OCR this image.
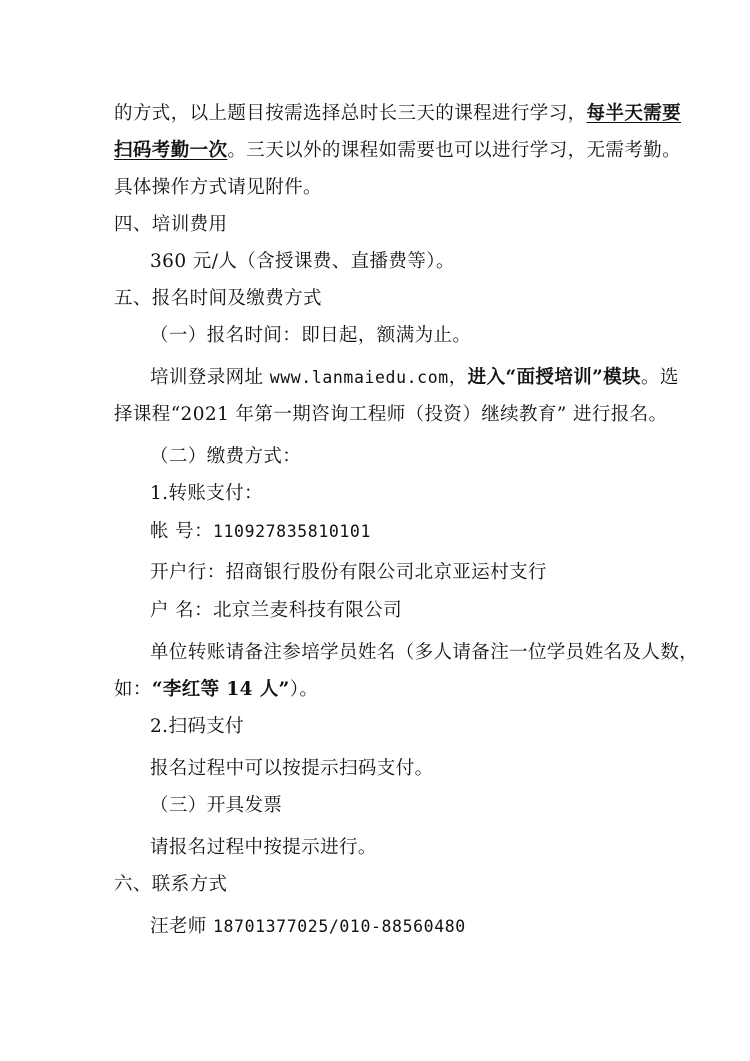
的方式，以上题目按需选择总时长三天的课程进行学习，每半天需要
扫码考勤一次。三天以外的课程如需要也可以进行学习，无需考勤。
具体操作方式请见附件。
四、培训费用
360 元/人（含授课费、直播费等）。
五、报名时间及缴费方式
（一）报名时间：即日起，额满为止。
培训登录网址 www.lanmaiedu.com，进入“面授培训”模块。选
择课程“2021 年第一期咨询工程师（投资）继续教育” 进行报名。
（二）缴费方式：
1.转账支付：
帐 号：110927835810101
开户行：招商银行股份有限公司北京亚运村支行
户 名：北京兰麦科技有限公司
单位转账请备注参培学员姓名（多人请备注一位学员姓名及人数，
如：“李红等 14 人”）。
2.扫码支付
报名过程中可以按提示扫码支付。
（三）开具发票
请报名过程中按提示进行。
六、联系方式
汪老师 18701377025/010-88560480
